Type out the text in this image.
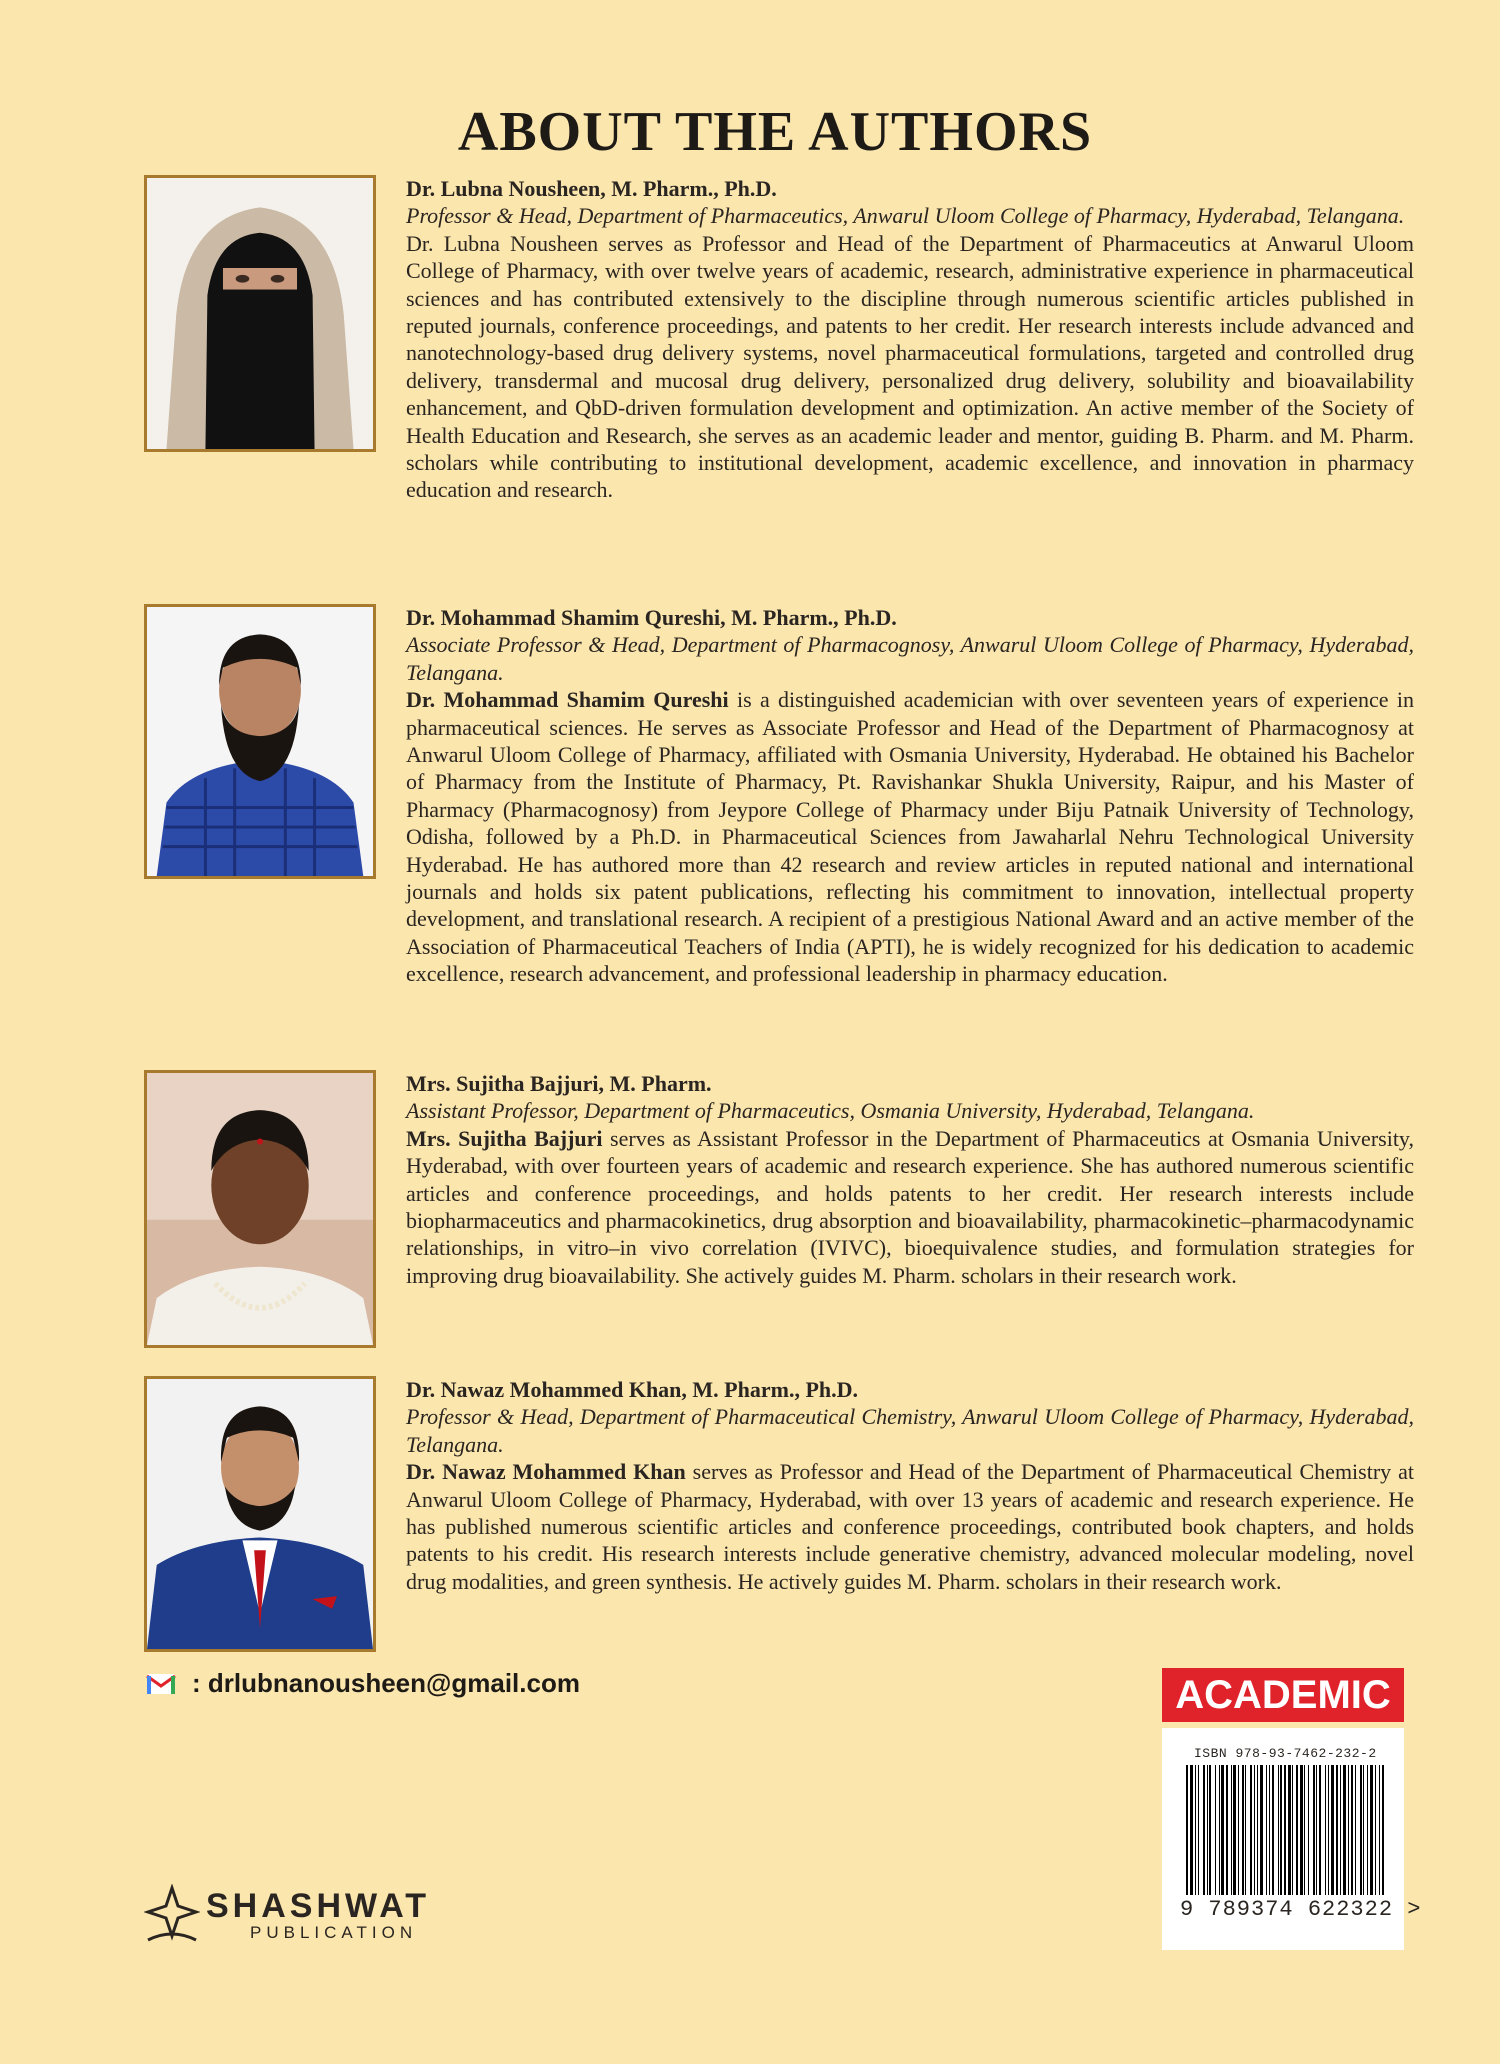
ABOUT THE AUTHORS
Dr. Lubna Nousheen, M. Pharm., Ph.D.
Professor & Head, Department of Pharmaceutics, Anwarul Uloom College of Pharmacy, Hyderabad, Telangana.
Dr. Lubna Nousheen serves as Professor and Head of the Department of Pharmaceutics at Anwarul Uloom College of Pharmacy, with over twelve years of academic, research, administrative experience in pharmaceutical sciences and has contributed extensively to the discipline through numerous scientific articles published in reputed journals, conference proceedings, and patents to her credit. Her research interests include advanced and nanotechnology-based drug delivery systems, novel pharmaceutical formulations, targeted and controlled drug delivery, transdermal and mucosal drug delivery, personalized drug delivery, solubility and bioavailability enhancement, and QbD-driven formulation development and optimization. An active member of the Society of Health Education and Research, she serves as an academic leader and mentor, guiding B. Pharm. and M. Pharm. scholars while contributing to institutional development, academic excellence, and innovation in pharmacy education and research.
Dr. Mohammad Shamim Qureshi, M. Pharm., Ph.D.
Associate Professor & Head, Department of Pharmacognosy, Anwarul Uloom College of Pharmacy, Hyderabad, Telangana.
Dr. Mohammad Shamim Qureshi is a distinguished academician with over seventeen years of experience in pharmaceutical sciences. He serves as Associate Professor and Head of the Department of Pharmacognosy at Anwarul Uloom College of Pharmacy, affiliated with Osmania University, Hyderabad. He obtained his Bachelor of Pharmacy from the Institute of Pharmacy, Pt. Ravishankar Shukla University, Raipur, and his Master of Pharmacy (Pharmacognosy) from Jeypore College of Pharmacy under Biju Patnaik University of Technology, Odisha, followed by a Ph.D. in Pharmaceutical Sciences from Jawaharlal Nehru Technological University Hyderabad. He has authored more than 42 research and review articles in reputed national and international journals and holds six patent publications, reflecting his commitment to innovation, intellectual property development, and translational research. A recipient of a prestigious National Award and an active member of the Association of Pharmaceutical Teachers of India (APTI), he is widely recognized for his dedication to academic excellence, research advancement, and professional leadership in pharmacy education.
Mrs. Sujitha Bajjuri, M. Pharm.
Assistant Professor, Department of Pharmaceutics, Osmania University, Hyderabad, Telangana.
Mrs. Sujitha Bajjuri serves as Assistant Professor in the Department of Pharmaceutics at Osmania University, Hyderabad, with over fourteen years of academic and research experience. She has authored numerous scientific articles and conference proceedings, and holds patents to her credit. Her research interests include biopharmaceutics and pharmacokinetics, drug absorption and bioavailability, pharmacokinetic–pharmacodynamic relationships, in vitro–in vivo correlation (IVIVC), bioequivalence studies, and formulation strategies for improving drug bioavailability. She actively guides M. Pharm. scholars in their research work.
Dr. Nawaz Mohammed Khan, M. Pharm., Ph.D.
Professor & Head, Department of Pharmaceutical Chemistry, Anwarul Uloom College of Pharmacy, Hyderabad, Telangana.
Dr. Nawaz Mohammed Khan serves as Professor and Head of the Department of Pharmaceutical Chemistry at Anwarul Uloom College of Pharmacy, Hyderabad, with over 13 years of academic and research experience. He has published numerous scientific articles and conference proceedings, contributed book chapters, and holds patents to his credit. His research interests include generative chemistry, advanced molecular modeling, novel drug modalities, and green synthesis. He actively guides M. Pharm. scholars in their research work.
: drlubnanousheen@gmail.com	ACADEMIC
ISBN 978-93-7462-232-2
9 789374 622322 >
SHASHWAT
PUBLICATION
